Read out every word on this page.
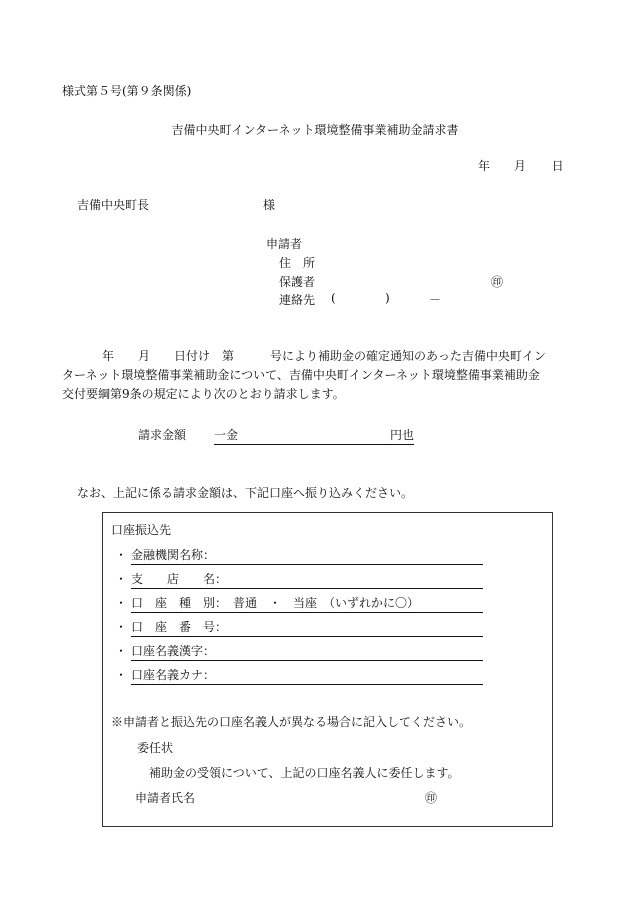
様式第５号(第９条関係)
吉備中央町インターネット環境整備事業補助金請求書
年 月 日
吉備中央町長	様
申請者
住　所
保護者	㊞
連絡先 (	)	－
年　　月　　日付け　第　　　号により補助金の確定通知のあった吉備中央町イン
ターネット環境整備事業補助金について、吉備中央町インターネット環境整備事業補助金
交付要綱第9条の規定により次のとおり請求します。
請求金額 一金	円也
なお、上記に係る請求金額は、下記口座へ振り込みください。
口座振込先
・ 金融機関名称：
・ 支　　店　　名：
・ 口　座　種　別：　普通　・　当座　（いずれかに〇）
・ 口　座　番　号：
・ 口座名義漢字：
・ 口座名義カナ：
※申請者と振込先の口座名義人が異なる場合に記入してください。
委任状
補助金の受領について、上記の口座名義人に委任します。
申請者氏名	㊞
